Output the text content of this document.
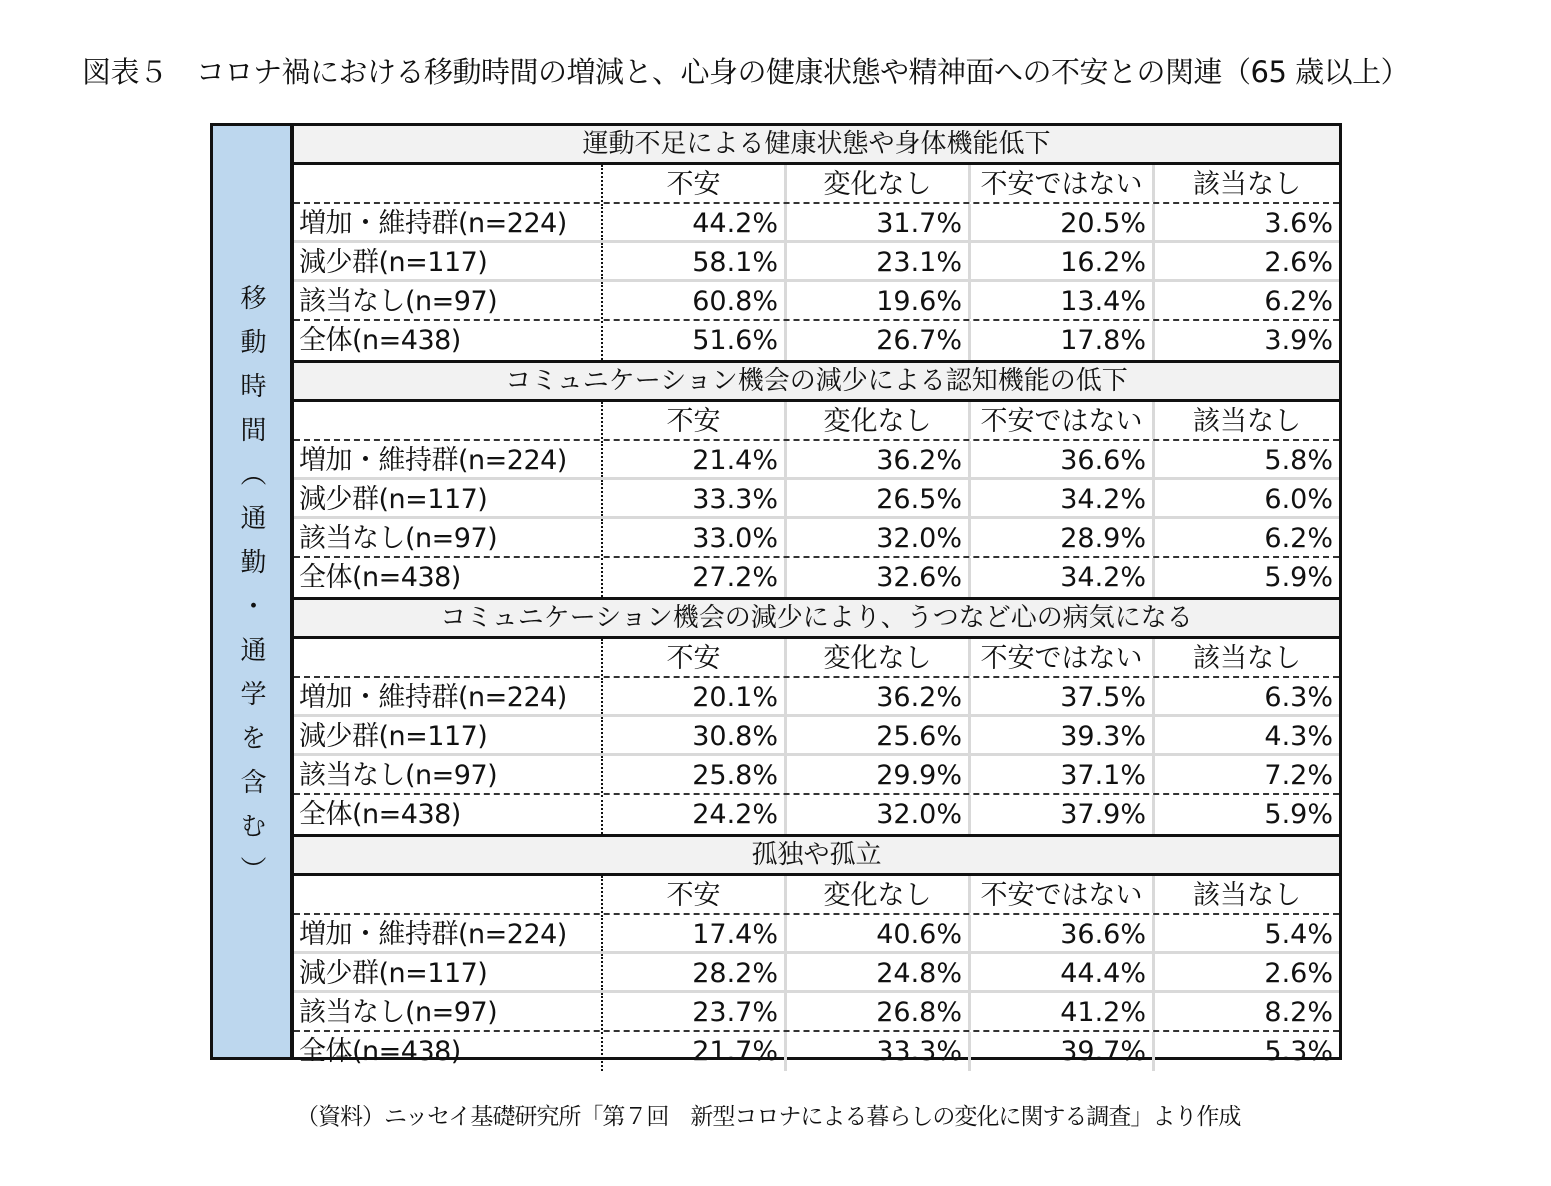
図表５　コロナ禍における移動時間の増減と、心身の健康状態や精神面への不安との関連（65 歳以上）
移動時間（通勤・通学を含む）
運動不足による健康状態や身体機能低下
不安	変化なし	不安ではない	該当なし
増加・維持群(n=224)	44.2%	31.7%	20.5%	3.6%
減少群(n=117)	58.1%	23.1%	16.2%	2.6%
該当なし(n=97)	60.8%	19.6%	13.4%	6.2%
全体(n=438)	51.6%	26.7%	17.8%	3.9%
コミュニケーション機会の減少による認知機能の低下
不安	変化なし	不安ではない	該当なし
増加・維持群(n=224)	21.4%	36.2%	36.6%	5.8%
減少群(n=117)	33.3%	26.5%	34.2%	6.0%
該当なし(n=97)	33.0%	32.0%	28.9%	6.2%
全体(n=438)	27.2%	32.6%	34.2%	5.9%
コミュニケーション機会の減少により、うつなど心の病気になる
不安	変化なし	不安ではない	該当なし
増加・維持群(n=224)	20.1%	36.2%	37.5%	6.3%
減少群(n=117)	30.8%	25.6%	39.3%	4.3%
該当なし(n=97)	25.8%	29.9%	37.1%	7.2%
全体(n=438)	24.2%	32.0%	37.9%	5.9%
孤独や孤立
不安	変化なし	不安ではない	該当なし
増加・維持群(n=224)	17.4%	40.6%	36.6%	5.4%
減少群(n=117)	28.2%	24.8%	44.4%	2.6%
該当なし(n=97)	23.7%	26.8%	41.2%	8.2%
全体(n=438)	21.7%	33.3%	39.7%	5.3%
（資料）ニッセイ基礎研究所「第７回　新型コロナによる暮らしの変化に関する調査」より作成
